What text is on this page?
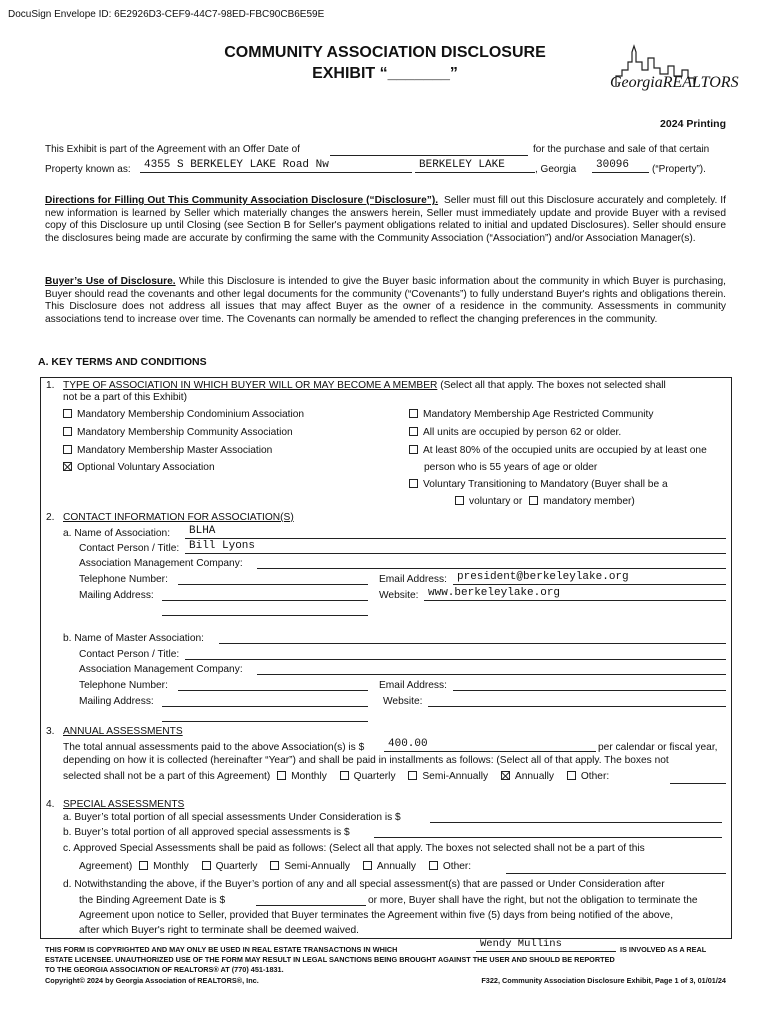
DocuSign Envelope ID: 6E2926D3-CEF9-44C7-98ED-FBC90CB6E59E
COMMUNITY ASSOCIATION DISCLOSURE
EXHIBIT “_______”
GeorgiaREALTORS
2024 Printing
This Exhibit is part of the Agreement with an Offer Date of	for the purchase and sale of that certain
Property known as: 4355 S BERKELEY LAKE Road Nw	BERKELEY LAKE	, Georgia 30096 (“Property”).
Directions for Filling Out This Community Association Disclosure (“Disclosure”). Seller must fill out this Disclosure accurately and completely. If new information is learned by Seller which materially changes the answers herein, Seller must immediately update and provide Buyer with a revised copy of this Disclosure up until Closing (see Section B for Seller's payment obligations related to initial and updated Disclosures). Seller should ensure the disclosures being made are accurate by confirming the same with the Community Association (“Association”) and/or Association Manager(s).
Buyer’s Use of Disclosure. While this Disclosure is intended to give the Buyer basic information about the community in which Buyer is purchasing, Buyer should read the covenants and other legal documents for the community (“Covenants”) to fully understand Buyer's rights and obligations therein. This Disclosure does not address all issues that may affect Buyer as the owner of a residence in the community. Assessments in community associations tend to increase over time. The Covenants can normally be amended to reflect the changing preferences in the community.
A. KEY TERMS AND CONDITIONS
1. TYPE OF ASSOCIATION IN WHICH BUYER WILL OR MAY BECOME A MEMBER (Select all that apply. The boxes not selected shall
not be a part of this Exhibit)
Mandatory Membership Condominium Association
Mandatory Membership Community Association
Mandatory Membership Master Association
Optional Voluntary Association
Mandatory Membership Age Restricted Community
All units are occupied by person 62 or older.
At least 80% of the occupied units are occupied by at least one
person who is 55 years of age or older
Voluntary Transitioning to Mandatory (Buyer shall be a
voluntary or mandatory member)
2. CONTACT INFORMATION FOR ASSOCIATION(S)
a. Name of Association: BLHA
Contact Person / Title: Bill Lyons
Association Management Company:
Telephone Number:	Email Address: president@berkeleylake.org
Mailing Address:	Website: www.berkeleylake.org
b. Name of Master Association:
Contact Person / Title:
Association Management Company:
Telephone Number:	Email Address:
Mailing Address:	Website:
3. ANNUAL ASSESSMENTS
The total annual assessments paid to the above Association(s) is $ 400.00	per calendar or fiscal year,
depending on how it is collected (hereinafter “Year”) and shall be paid in installments as follows: (Select all of that apply. The boxes not
selected shall not be a part of this Agreement) Monthly	Quarterly	Semi-Annually	Annually	Other:
4. SPECIAL ASSESSMENTS
a. Buyer’s total portion of all special assessments Under Consideration is $
b. Buyer’s total portion of all approved special assessments is $
c. Approved Special Assessments shall be paid as follows: (Select all that apply. The boxes not selected shall not be a part of this
Agreement) Monthly	Quarterly	Semi-Annually	Annually	Other:
d. Notwithstanding the above, if the Buyer’s portion of any and all special assessment(s) that are passed or Under Consideration after
the Binding Agreement Date is $	or more, Buyer shall have the right, but not the obligation to terminate the
Agreement upon notice to Seller, provided that Buyer terminates the Agreement within five (5) days from being notified of the above,
after which Buyer's right to terminate shall be deemed waived.
THIS FORM IS COPYRIGHTED AND MAY ONLY BE USED IN REAL ESTATE TRANSACTIONS IN WHICH	Wendy Mullins	IS INVOLVED AS A REAL
ESTATE LICENSEE. UNAUTHORIZED USE OF THE FORM MAY RESULT IN LEGAL SANCTIONS BEING BROUGHT AGAINST THE USER AND SHOULD BE REPORTED
TO THE GEORGIA ASSOCIATION OF REALTORS® AT (770) 451-1831.
Copyright© 2024 by Georgia Association of REALTORS®, Inc.	F322, Community Association Disclosure Exhibit, Page 1 of 3, 01/01/24
